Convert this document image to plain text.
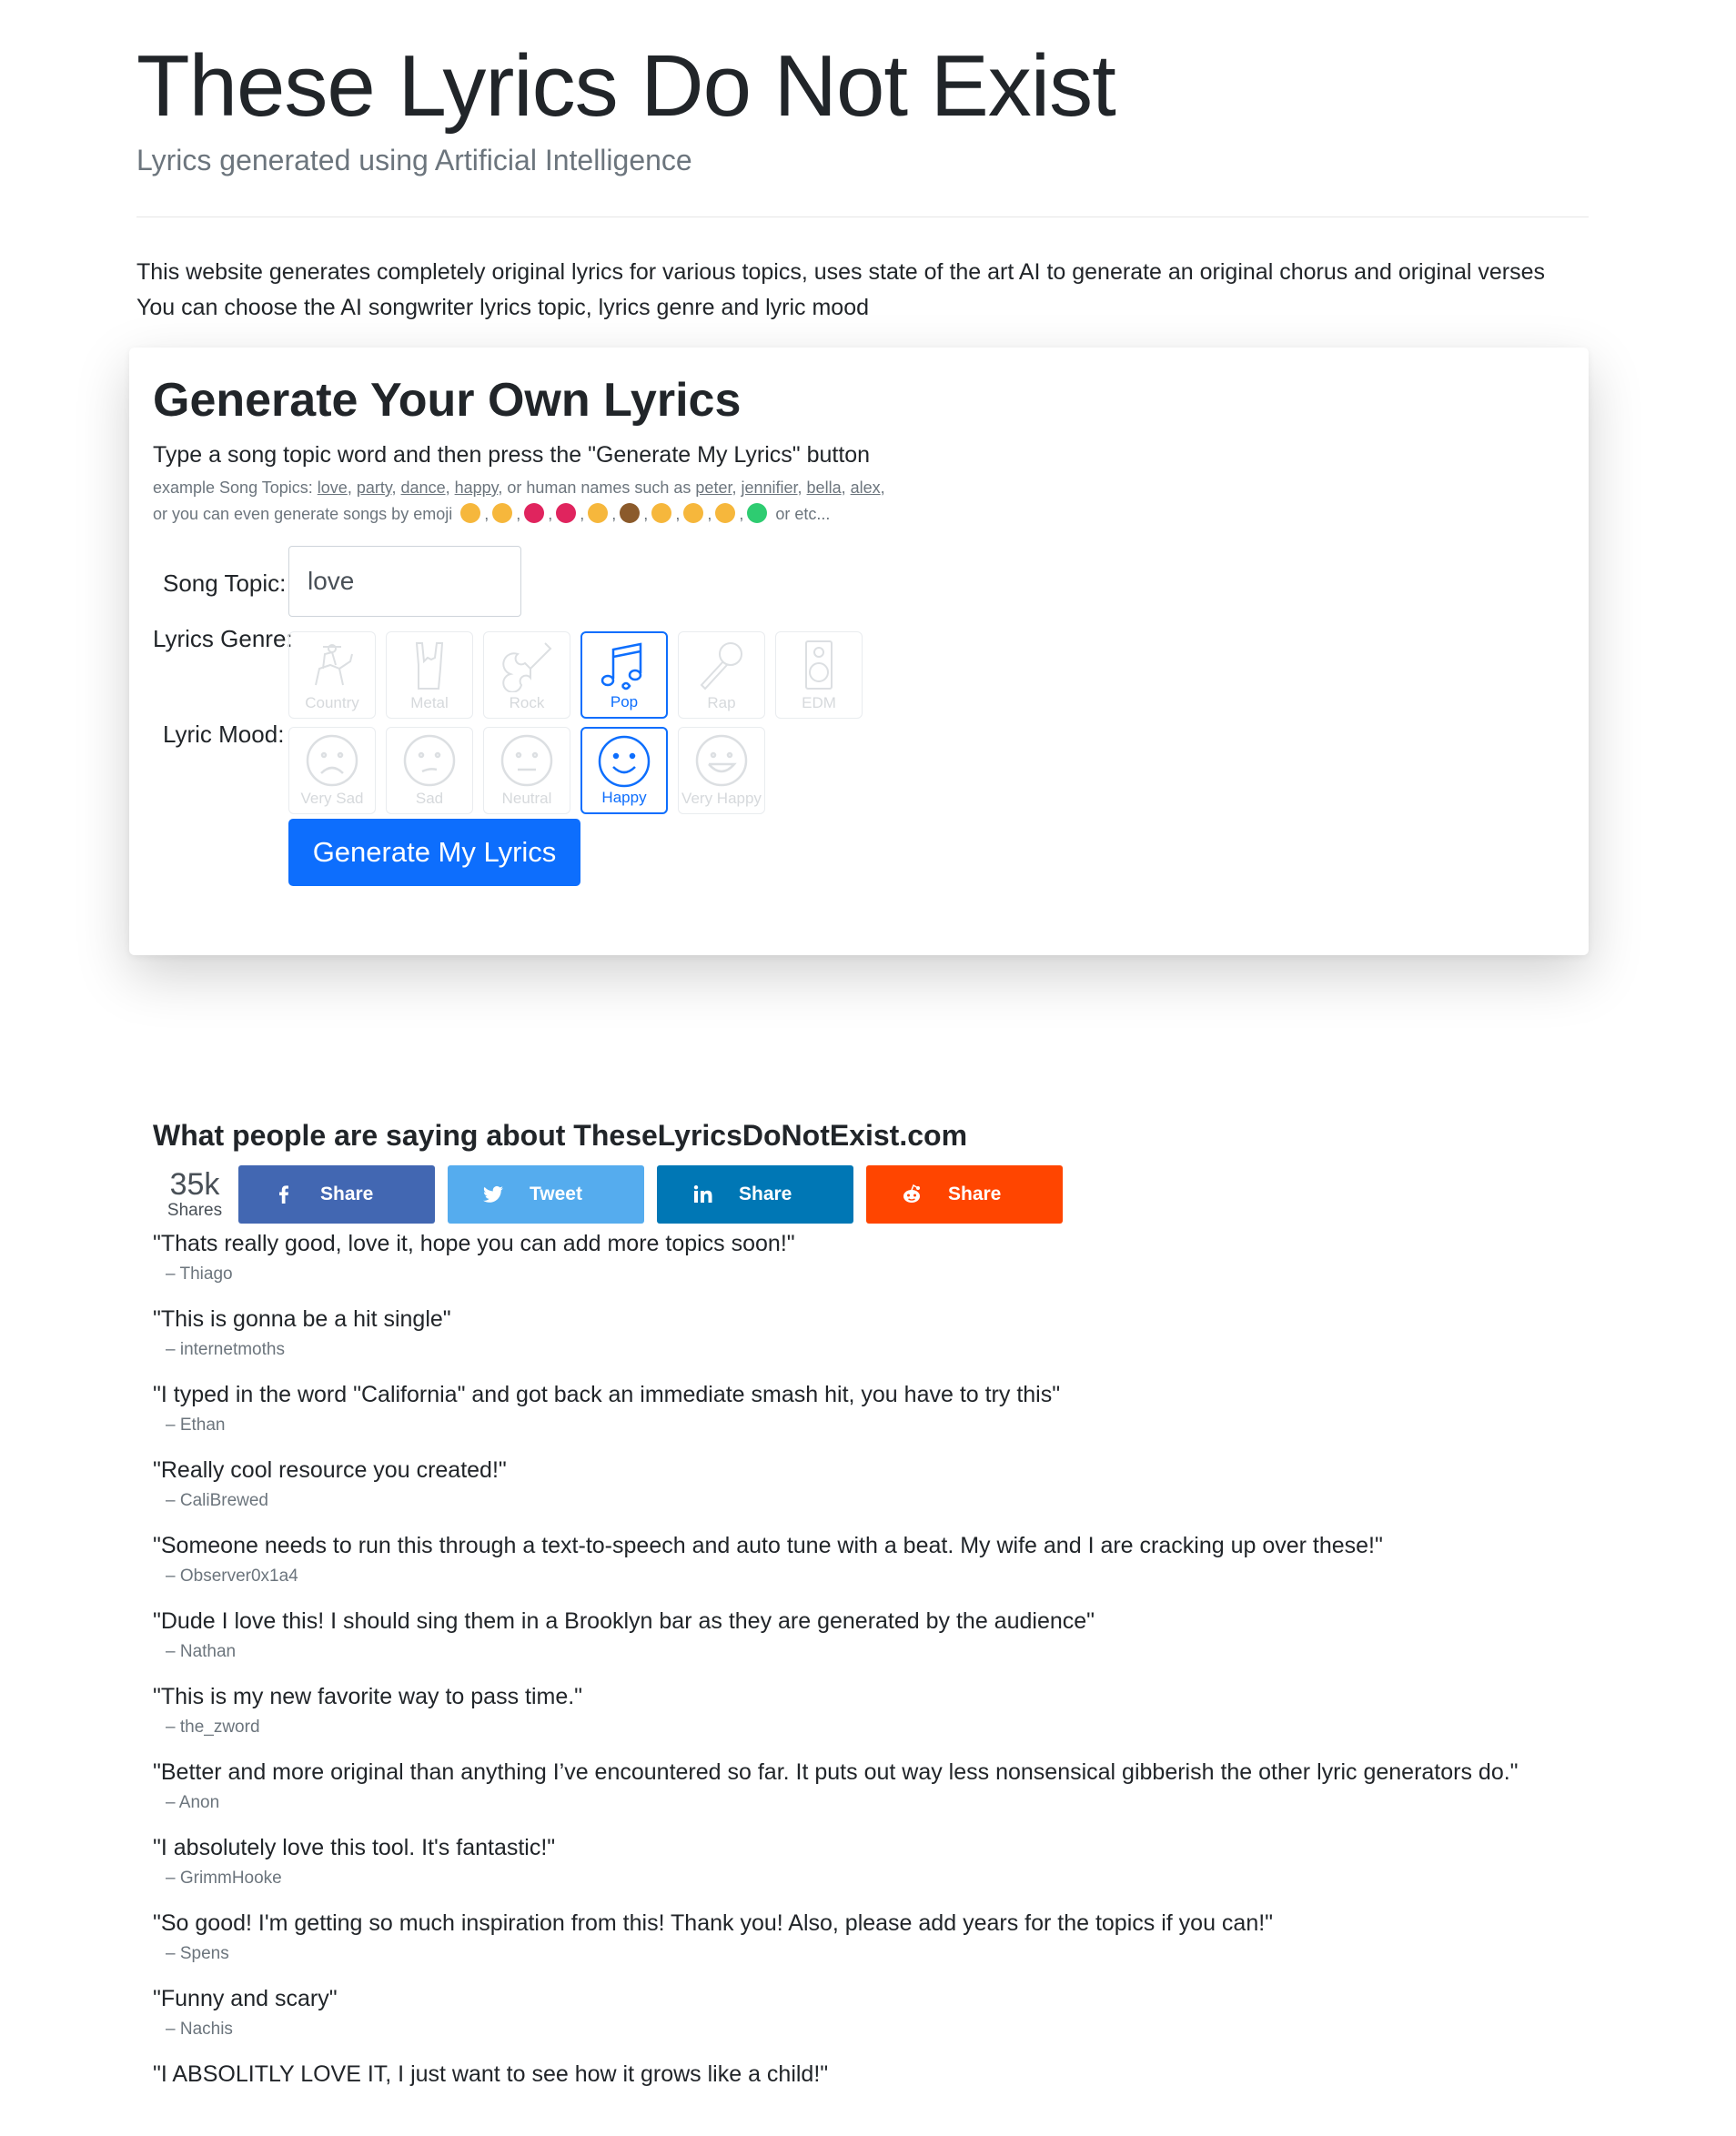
These Lyrics Do Not Exist
Lyrics generated using Artificial Intelligence

This website generates completely original lyrics for various topics, uses state of the art AI to generate an original chorus and original verses

You can choose the AI songwriter lyrics topic, lyrics genre and lyric mood

Generate Your Own Lyrics
Type a song topic word and then press the "Generate My Lyrics" button
example Song Topics: love, party, dance, happy, or human names such as peter, jennifier, bella, alex,
or you can even generate songs by emoji , , , , , , , , , or etc...
Song Topic:
love
Lyrics Genre:
Country	Metal	Rock	Pop	Rap	EDM
Lyric Mood:
Very Sad	Sad	Neutral	Happy	Very Happy
Generate My Lyrics
What people are saying about TheseLyricsDoNotExist.com
35k
Shares
Share	Tweet	Share	Share
"Thats really good, love it, hope you can add more topics soon!"
– Thiago
"This is gonna be a hit single"
– internetmoths
"I typed in the word "California" and got back an immediate smash hit, you have to try this"
– Ethan
"Really cool resource you created!"
– CaliBrewed
"Someone needs to run this through a text-to-speech and auto tune with a beat. My wife and I are cracking up over these!"
– Observer0x1a4
"Dude I love this! I should sing them in a Brooklyn bar as they are generated by the audience"
– Nathan
"This is my new favorite way to pass time."
– the_zword
"Better and more original than anything I’ve encountered so far. It puts out way less nonsensical gibberish the other lyric generators do."
– Anon
"I absolutely love this tool. It's fantastic!"
– GrimmHooke
"So good! I'm getting so much inspiration from this! Thank you! Also, please add years for the topics if you can!"
– Spens
"Funny and scary"
– Nachis
"I ABSOLITLY LOVE IT, I just want to see how it grows like a child!"
